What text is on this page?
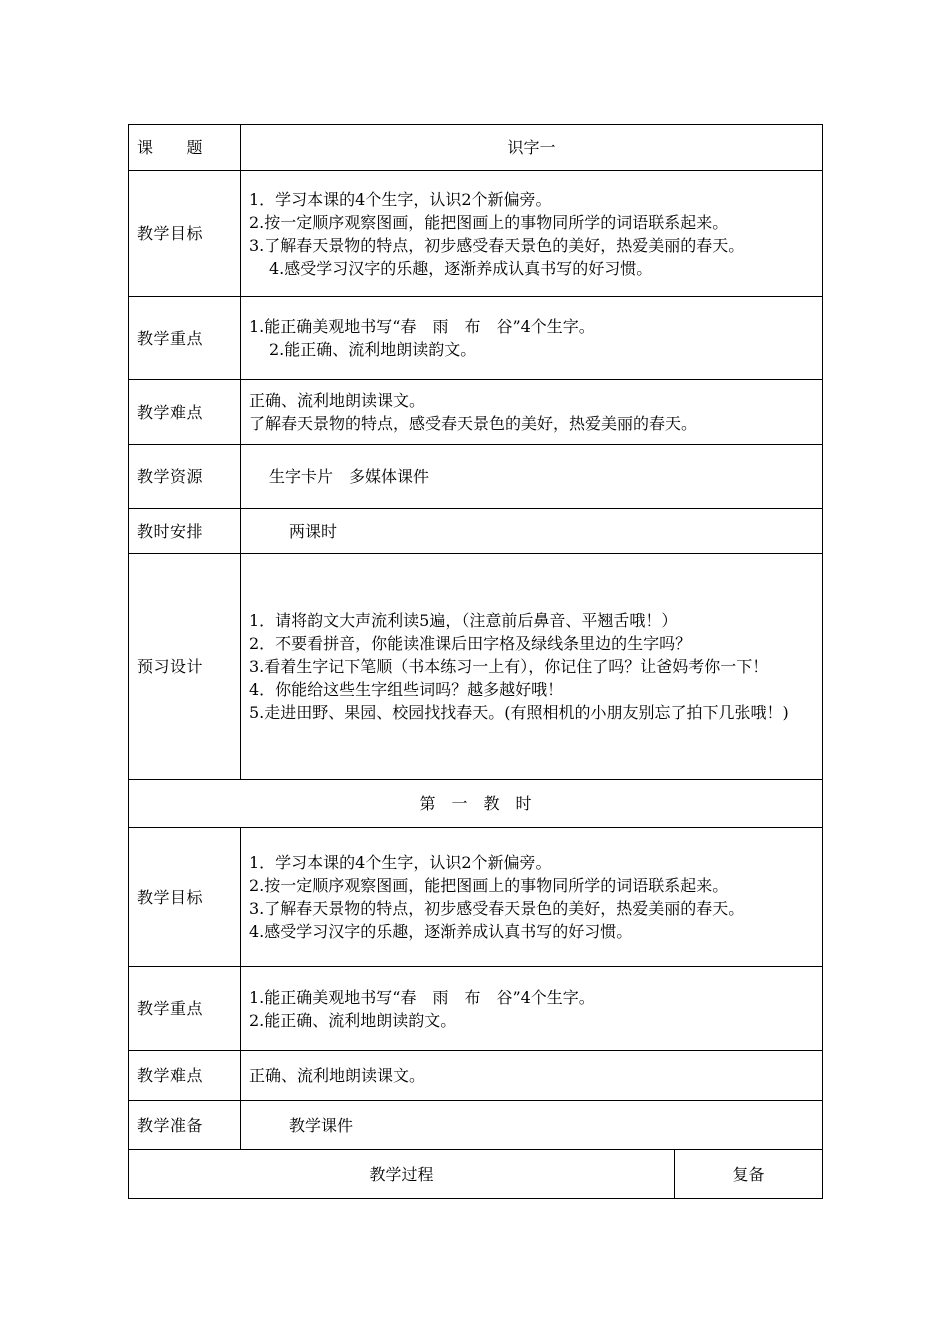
课　　题	识字一	
教学目标	1．学习本课的4个生字，认识2个新偏旁。
2.按一定顺序观察图画，能把图画上的事物同所学的词语联系起来。
3.了解春天景物的特点，初步感受春天景色的美好，热爱美丽的春天。
4.感受学习汉字的乐趣，逐渐养成认真书写的好习惯。	

教学重点	1.能正确美观地书写“春　雨　布　谷”4个生字。
2.能正确、流利地朗读韵文。	

教学难点	正确、流利地朗读课文。
了解春天景物的特点，感受春天景色的美好，热爱美丽的春天。	

教学资源	生字卡片　多媒体课件	

教时安排	两课时	

预习设计	1．请将韵文大声流利读5遍，（注意前后鼻音、平翘舌哦！）
2．不要看拼音，你能读准课后田字格及绿线条里边的生字吗？
3.看着生字记下笔顺（书本练习一上有），你记住了吗？让爸妈考你一下！
4．你能给这些生字组些词吗？越多越好哦！
5.走进田野、果园、校园找找春天。(有照相机的小朋友别忘了拍下几张哦！)	

第　一　教　时		
教学目标	1．学习本课的4个生字，认识2个新偏旁。
2.按一定顺序观察图画，能把图画上的事物同所学的词语联系起来。
3.了解春天景物的特点，初步感受春天景色的美好，热爱美丽的春天。
4.感受学习汉字的乐趣，逐渐养成认真书写的好习惯。	

教学重点	1.能正确美观地书写“春　雨　布　谷”4个生字。
2.能正确、流利地朗读韵文。	

教学难点	正确、流利地朗读课文。	
教学准备	教学课件	

教学过程		复备
